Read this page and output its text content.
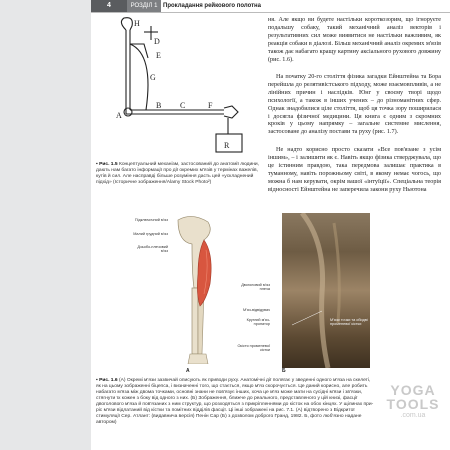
4	РОЗДІЛ 1 Прокладання рейкового полотна
H
D
E
G
A
B C	F
R

▪ Рис. 1.5 Концептуальний механізм, застосований до анатомії людини, дають нам багато інформації про дії окремих м'язів у термінах важелів, кутів й сил. Але насправді більше розуміння дасть цей «ускладнений підхід» (Історичне зображення/Alamy Stock Photo²)

ня. Але якщо ви будете настільки короткозорим, що ігноруєте подальшу собаку, такий механічний аналіз векторів і результативних сил може виявитися не настільки важливим, як реакція собаки в діалозі. Більш механічний аналіз окремих м'язів також дає набагато кращу картину аксіального рухового довжину (рис. 1.6).

На початку 20-го століття фізика загадки Ейнштейна та Бора перейшла до релятивістського підходу, може взаємовпливів, а не лінійних причин і наслідків. Юнг у своєму творі щодо психології, а також в інших учених – до різноманітних сфер. Однак знадобилися ціле століття, щоб ця точка зору поширилася і досягла фізичної медицини. Ця книга є одним з скромних кроків у цьому напрямку – загальне системне мислення, застосоване до аналізу постави та руху (рис. 1.7).

Не надто корисно просто сказати «Все пов'язане з усім іншим», – і залишити як є. Навіть якщо фізика стверджувала, що це істинним правдою, така передмова залишає практика в туманному, навіть порожньому світі, в якому немає чогось, що можна б нам керувати, окрім вашої «інтуїції». Спеціальна теорія відносності Ейнштейна не заперечила закони руху Ньютона

Підключичний м'яз
Малий грудний м'яз
Дзьобо-плечовий м'яз
Двоголовий м'яз плеча
М'яз-відвідувач
Круглий м'яз-пронатор
Окістя променевої кістки
М'язи точки та обидві променевої кістки
A	Б

▪ Рис. 1.6 (A) Окремі м'язи зазвичай описують як приводи руху. Анатомічні дії полягає у зведенні одного м'яза на скелеті, як на цьому зображенні біцепса, і визначенні того, що стається, якщо м'яз скорочується. Це даний корисно, але робить набагато м'яза між двома точками, основні знани не пов'язує інших, хоча це м'яз може мати на сусідні м'язи і зв'язки, стягнути їх кожен з боку від одного з них. (Б) Зображення, ближче до реального, представленого у цій книзі, фасції двоголового м'яза й пов'язаних з ним структур, що розходяться з прикріпленнями до кісток на обох кінцях. У щілинах при-ріс м'язи відлатаний від кістки та помітних відділів фасції. Ці інші зображені на рис. 7.1. (A) відтворено з Відкритої стимуляції Сер. Атлант: (видавнича версія) Пенін Сар (Б) з дозволом доброго Гранд, 1982. Б, фото люб'язно надане автором)

YOGA
TOOLS
.com.ua
